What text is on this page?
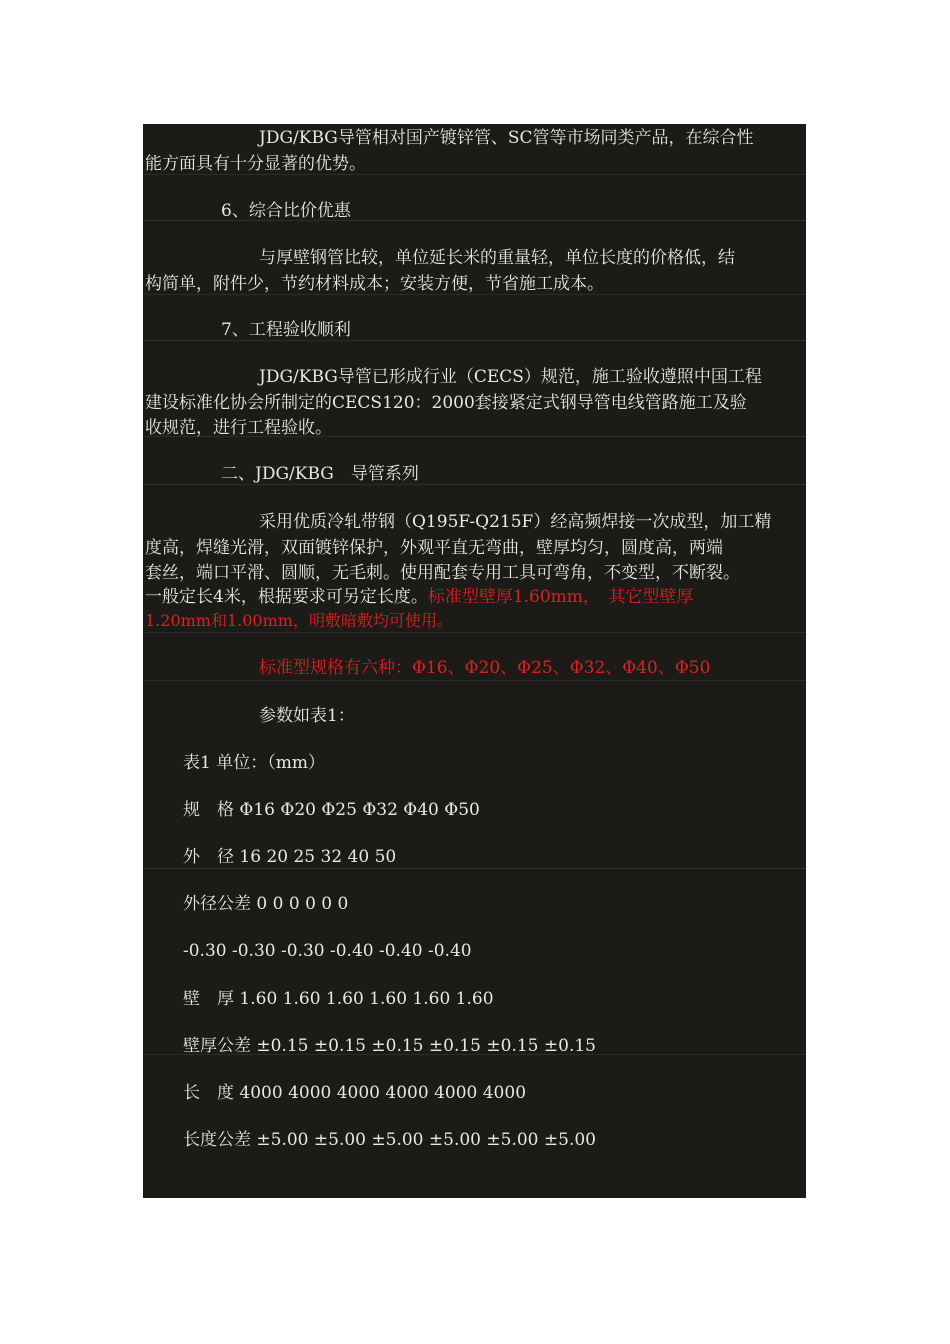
JDG/KBG导管相对国产镀锌管、SC管等市场同类产品，在综合性
能方面具有十分显著的优势。
6、综合比价优惠
与厚壁钢管比较，单位延长米的重量轻，单位长度的价格低，结
构简单，附件少，节约材料成本；安装方便，节省施工成本。
7、工程验收顺利
JDG/KBG导管已形成行业（CECS）规范，施工验收遵照中国工程
建设标准化协会所制定的CECS120：2000套接紧定式钢导管电线管路施工及验
收规范，进行工程验收。
二、JDG/KBG　导管系列
采用优质冷轧带钢（Q195F-Q215F）经高频焊接一次成型，加工精
度高，焊缝光滑，双面镀锌保护，外观平直无弯曲，壁厚均匀，圆度高，两端
套丝，端口平滑、圆顺，无毛刺。使用配套专用工具可弯角，不变型，不断裂。
一般定长4米，根据要求可另定长度。标准型壁厚1.60mm，　其它型壁厚
1.20mm和1.00mm，明敷暗敷均可使用。
标准型规格有六种：Φ16、Φ20、Φ25、Φ32、Φ40、Φ50
参数如表1：
表1 单位：（mm）
规　格 Φ16 Φ20 Φ25 Φ32 Φ40 Φ50
外　径 16 20 25 32 40 50
外径公差 0 0 0 0 0 0
-0.30 -0.30 -0.30 -0.40 -0.40 -0.40
壁　厚 1.60 1.60 1.60 1.60 1.60 1.60
壁厚公差 ±0.15 ±0.15 ±0.15 ±0.15 ±0.15 ±0.15
长　度 4000 4000 4000 4000 4000 4000
长度公差 ±5.00 ±5.00 ±5.00 ±5.00 ±5.00 ±5.00
